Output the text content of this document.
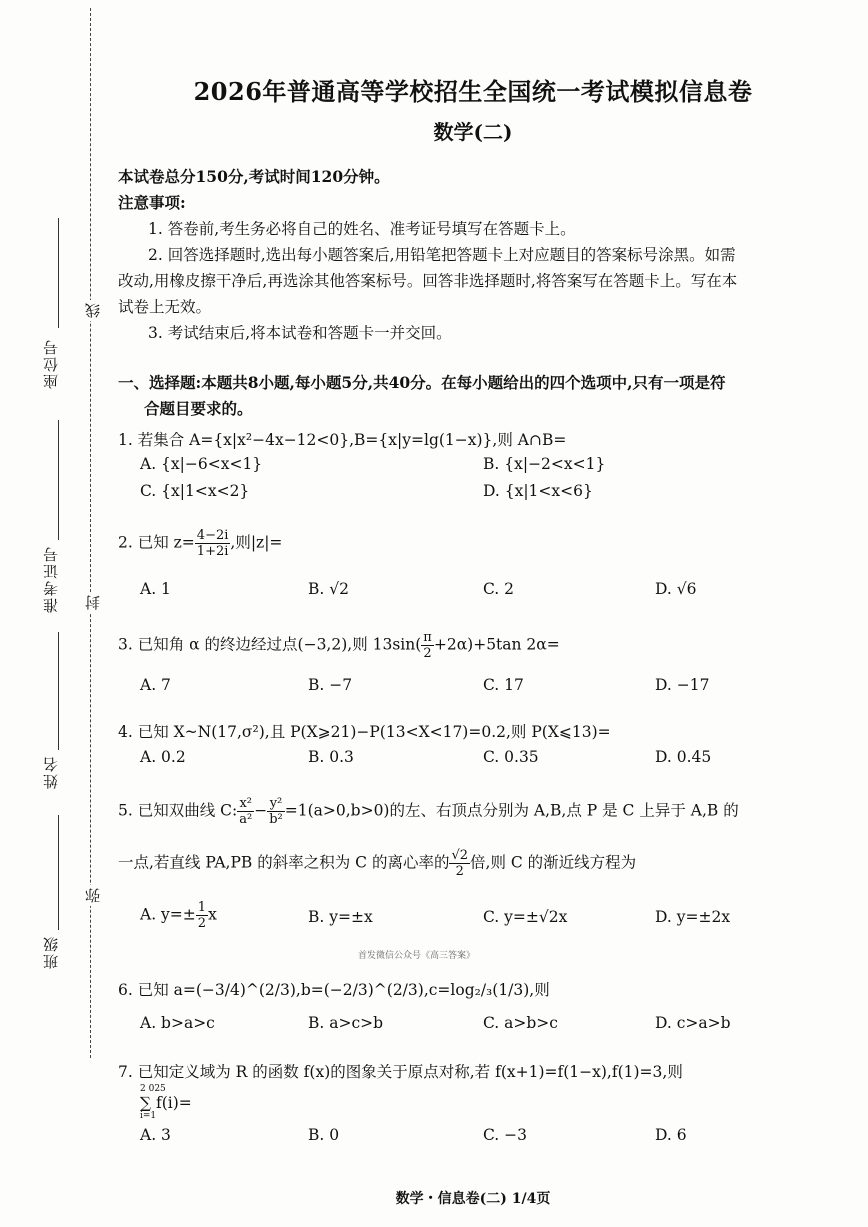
座位号
准考证号
姓名
班级
线
封
弥
2026年普通高等学校招生全国统一考试模拟信息卷
数学(二)
本试卷总分150分,考试时间120分钟。
注意事项:
1. 答卷前,考生务必将自己的姓名、准考证号填写在答题卡上。
2. 回答选择题时,选出每小题答案后,用铅笔把答题卡上对应题目的答案标号涂黑。如需
改动,用橡皮擦干净后,再选涂其他答案标号。回答非选择题时,将答案写在答题卡上。写在本
试卷上无效。
3. 考试结束后,将本试卷和答题卡一并交回。
一、选择题:本题共8小题,每小题5分,共40分。在每小题给出的四个选项中,只有一项是符
合题目要求的。
1. 若集合 A={x|x²−4x−12<0},B={x|y=lg(1−x)},则 A∩B=
A. {x|−6<x<1}	B. {x|−2<x<1}
C. {x|1<x<2}	D. {x|1<x<6}
2. 已知 $z= \frac{4-2i}{1+2i}$ ,则|z|=
A. 1	B. √2	C. 2	D. √6
3. 已知角 α 的终边经过点(−3,2),则 $13\sin( \frac{\pi}{2} +2\alpha)+5\tan$ 2α=
A. 7	B. −7	C. 17	D. −17
4. 已知 X~N(17,σ²),且 P(X⩾21)−P(13<X<17)=0.2,则 P(X⩽13)=
A. 0.2	B. 0.3	C. 0.35	D. 0.45
5. 已知双曲线 C: $\frac{\text{x²}}{\text{a²}} - \frac{\text{y²}}{\text{b²}} =1(a>0,b>0)$的左、右顶点分别为 A,B,点 P 是 C 上异于 A,B 的
一点,若直线 PA,PB 的斜率之积为 C 的离心率的 $\frac{√2}{2}$ 倍,则 C 的渐近线方程为
A. $y=\pm \frac{1}{2}$ x	B. y=±x	C. y=±√2x	D. y=±2x
首发微信公众号《高三答案》
6. 已知 a=(−3/4)^(2/3),b=(−2/3)^(2/3),c=log₂/₃(1/3),则
A. b>a>c	B. a>c>b	C. a>b>c	D. c>a>b
7. 已知定义域为 R 的函数 f(x)的图象关于原点对称,若 f(x+1)=f(1−x),f(1)=3,则
2 025
∑ f(i)=
i=1
A. 3	B. 0	C. −3	D. 6
数学・信息卷(二) 1/4页
